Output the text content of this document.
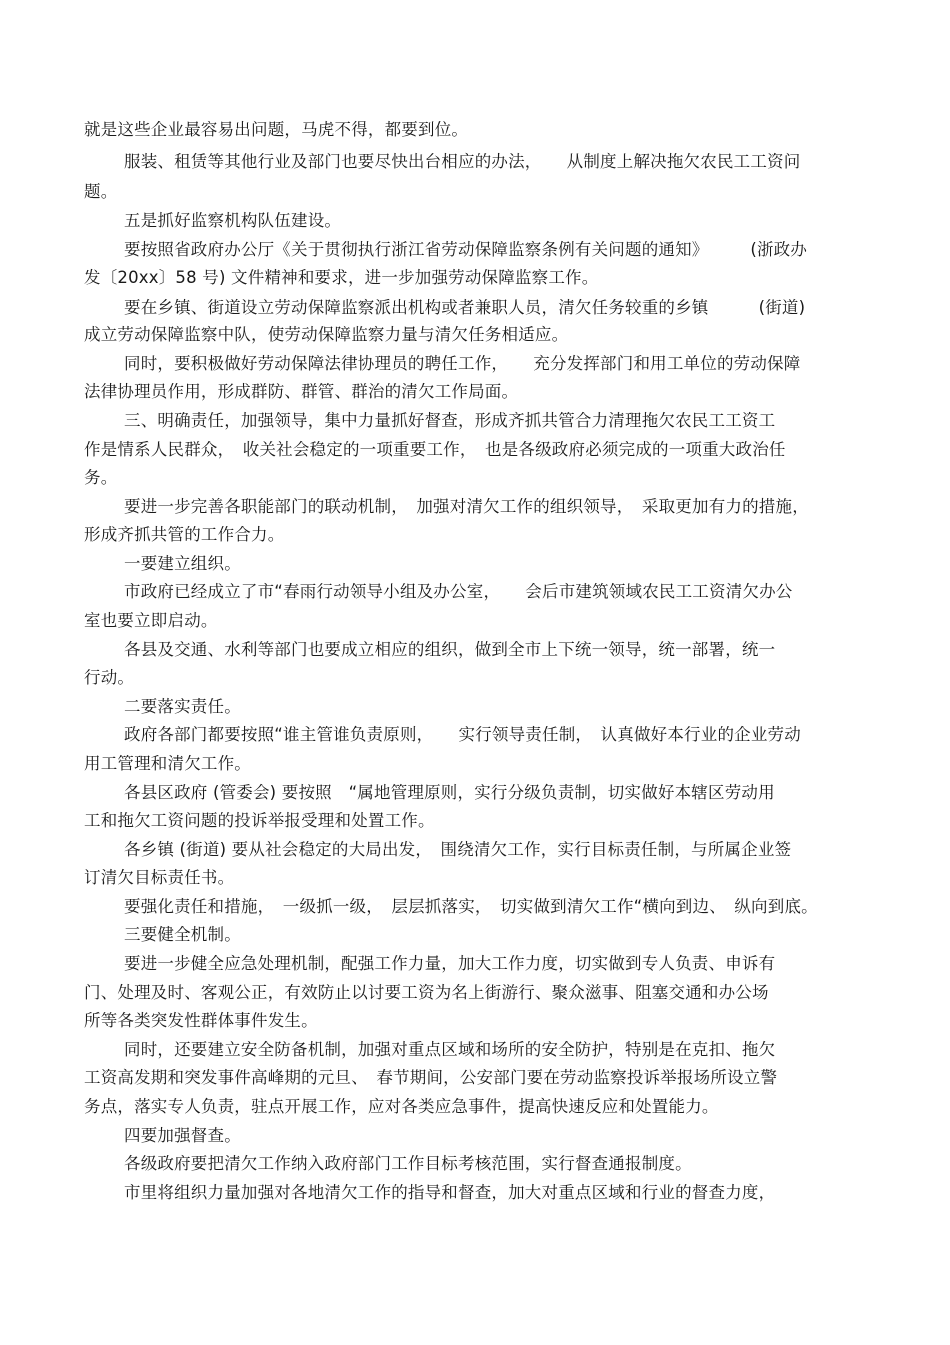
就是这些企业最容易出问题，马虎不得，都要到位。
服装、租赁等其他行业及部门也要尽快出台相应的办法，　　从制度上解决拖欠农民工工资问
题。
五是抓好监察机构队伍建设。
要按照省政府办公厅《关于贯彻执行浙江省劳动保障监察条例有关问题的通知》　　　(浙政办
发〔20xx〕58 号) 文件精神和要求，进一步加强劳动保障监察工作。
要在乡镇、街道设立劳动保障监察派出机构或者兼职人员，清欠任务较重的乡镇　　　(街道)
成立劳动保障监察中队，使劳动保障监察力量与清欠任务相适应。
同时，要积极做好劳动保障法律协理员的聘任工作，　　充分发挥部门和用工单位的劳动保障
法律协理员作用，形成群防、群管、群治的清欠工作局面。
三、明确责任，加强领导，集中力量抓好督查，形成齐抓共管合力清理拖欠农民工工资工
作是情系人民群众，　收关社会稳定的一项重要工作，　也是各级政府必须完成的一项重大政治任
务。
要进一步完善各职能部门的联动机制，　加强对清欠工作的组织领导，　采取更加有力的措施，
形成齐抓共管的工作合力。
一要建立组织。
市政府已经成立了市“春雨行动领导小组及办公室，　　会后市建筑领域农民工工资清欠办公
室也要立即启动。
各县及交通、水利等部门也要成立相应的组织，做到全市上下统一领导，统一部署，统一
行动。
二要落实责任。
政府各部门都要按照“谁主管谁负责原则，　　实行领导责任制，　认真做好本行业的企业劳动
用工管理和清欠工作。
各县区政府 (管委会) 要按照　“属地管理原则，实行分级负责制，切实做好本辖区劳动用
工和拖欠工资问题的投诉举报受理和处置工作。
各乡镇 (街道) 要从社会稳定的大局出发，　围绕清欠工作，实行目标责任制，与所属企业签
订清欠目标责任书。
要强化责任和措施，　一级抓一级，　层层抓落实，　切实做到清欠工作“横向到边、　纵向到底。
三要健全机制。
要进一步健全应急处理机制，配强工作力量，加大工作力度，切实做到专人负责、申诉有
门、处理及时、客观公正，有效防止以讨要工资为名上街游行、聚众滋事、阻塞交通和办公场
所等各类突发性群体事件发生。
同时，还要建立安全防备机制，加强对重点区域和场所的安全防护，特别是在克扣、拖欠
工资高发期和突发事件高峰期的元旦、　春节期间，公安部门要在劳动监察投诉举报场所设立警
务点，落实专人负责，驻点开展工作，应对各类应急事件，提高快速反应和处置能力。
四要加强督查。
各级政府要把清欠工作纳入政府部门工作目标考核范围，实行督查通报制度。
市里将组织力量加强对各地清欠工作的指导和督查，加大对重点区域和行业的督查力度，
